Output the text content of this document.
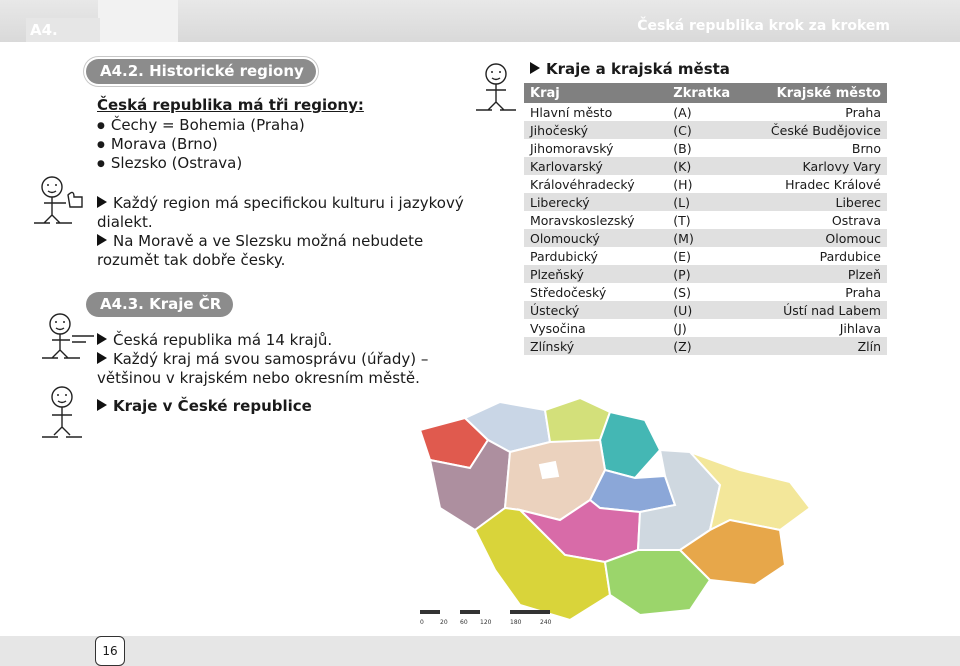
A4.	Česká republika krok za krokem
A4.2. Historické regiony
Česká republika má tři regiony:
● Čechy = Bohemia (Praha)
● Morava (Brno)
● Slezsko (Ostrava)
Každý region má specifickou kulturu i jazykový dialekt.
Na Moravě a ve Slezsku možná nebudete rozumět tak dobře česky.
A4.3. Kraje ČR
Česká republika má 14 krajů.
Každý kraj má svou samosprávu (úřady) – většinou v krajském nebo okresním městě.
Kraje v České republice
Kraje a krajská města
Kraj	Zkratka	Krajské město
Hlavní město	(A)	Praha
Jihočeský	(C)	České Budějovice
Jihomoravský	(B)	Brno
Karlovarský	(K)	Karlovy Vary
Královéhradecký	(H)	Hradec Králové
Liberecký	(L)	Liberec
Moravskoslezský	(T)	Ostrava
Olomoucký	(M)	Olomouc
Pardubický	(E)	Pardubice
Plzeňský	(P)	Plzeň
Středočeský	(S)	Praha
Ústecký	(U)	Ústí nad Labem
Vysočina	(J)	Jihlava
Zlínský	(Z)	Zlín
0	20 60 120	180	240
16
